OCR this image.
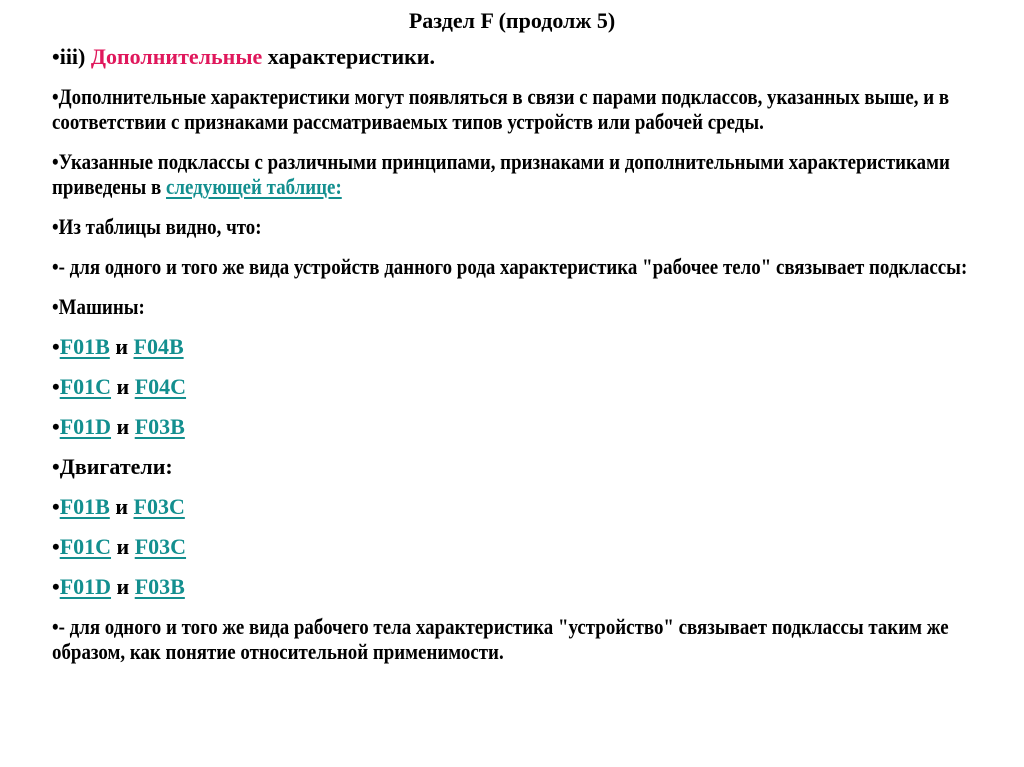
Раздел F (продолж 5)
•iii) Дополнительные характеристики.
•Дополнительные характеристики могут появляться в связи с парами подклассов, указанных выше, и в соответствии с признаками рассматриваемых типов устройств или рабочей среды.
•Указанные подклассы с различными принципами, признаками и дополнительными характеристиками приведены в следующей таблице:
•Из таблицы видно, что:
•- для одного и того же вида устройств данного рода характеристика "рабочее тело" связывает подклассы:
•Машины:
•F01B и F04B
•F01C и F04C
•F01D и F03B
•Двигатели:
•F01B и F03C
•F01C и F03C
•F01D и F03B
•- для одного и того же вида рабочего тела характеристика "устройство" связывает подклассы таким же образом, как понятие относительной применимости.
